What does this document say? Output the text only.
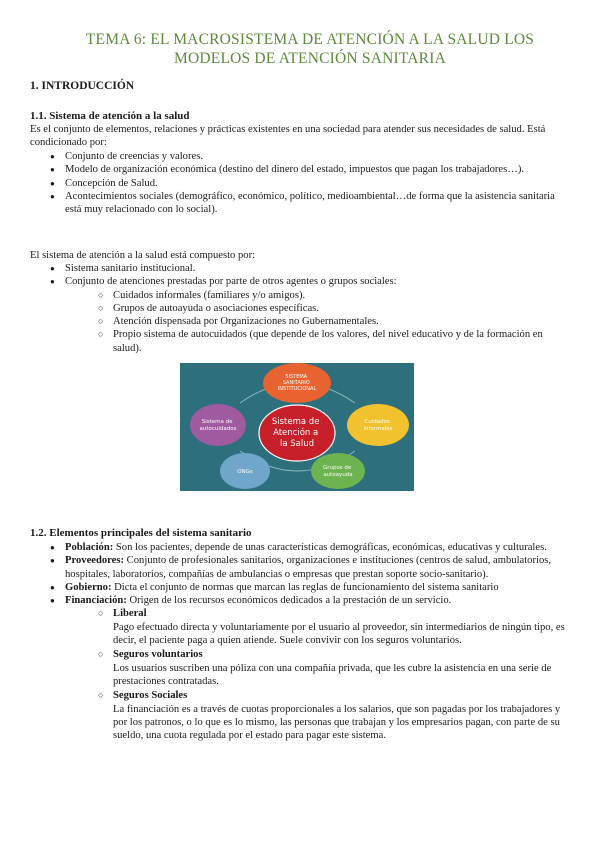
TEMA 6: EL MACROSISTEMA DE ATENCIÓN A LA SALUD LOS
MODELOS DE ATENCIÓN SANITARIA
1. INTRODUCCIÓN
1.1. Sistema de atención a la salud
Es el conjunto de elementos, relaciones y prácticas existentes en una sociedad para atender sus necesidades de salud. Está condicionado por:
● Conjunto de creencias y valores.
● Modelo de organización económica (destino del dinero del estado, impuestos que pagan los trabajadores…).
● Concepción de Salud.
● Acontecimientos sociales (demográfico, económico, político, medioambiental…de forma que la asistencia sanitaria está muy relacionado con lo social).
El sistema de atención a la salud está compuesto por:
● Sistema sanitario institucional.
● Conjunto de atenciones prestadas por parte de otros agentes o grupos sociales:
○ Cuidados informales (familiares y/o amigos).
○ Grupos de autoayuda o asociaciones específicas.
○ Atención dispensada por Organizaciones no Gubernamentales.
○ Propio sistema de autocuidados (que depende de los valores, del nivel educativo y de la formación en salud).
SISTEMA SANITARIO INSTITUCIONAL
Cuidados informales
Sistema de autocuidados
ONGs
Grupos de autoayuda
Sistema de Atención a la Salud
1.2. Elementos principales del sistema sanitario
● Población: Son los pacientes, depende de unas características demográficas, económicas, educativas y culturales.
● Proveedores: Conjunto de profesionales sanitarios, organizaciones e instituciones (centros de salud, ambulatorios, hospitales, laboratorios, compañías de ambulancias o empresas que prestan soporte socio-sanitario).
● Gobierno: Dicta el conjunto de normas que marcan las reglas de funcionamiento del sistema sanitario
● Financiación: Origen de los recursos económicos dedicados a la prestación de un servicio.
○ Liberal
Pago efectuado directa y voluntariamente por el usuario al proveedor, sin intermediarios de ningún tipo, es decir, el paciente paga a quien atiende. Suele convivir con los seguros voluntarios.
○ Seguros voluntarios
Los usuarios suscriben una póliza con una compañía privada, que les cubre la asistencia en una serie de prestaciones contratadas.
○ Seguros Sociales
La financiación es a través de cuotas proporcionales a los salarios, que son pagadas por los trabajadores y por los patronos, o lo que es lo mismo, las personas que trabajan y los empresarios pagan, con parte de su sueldo, una cuota regulada por el estado para pagar este sistema.
